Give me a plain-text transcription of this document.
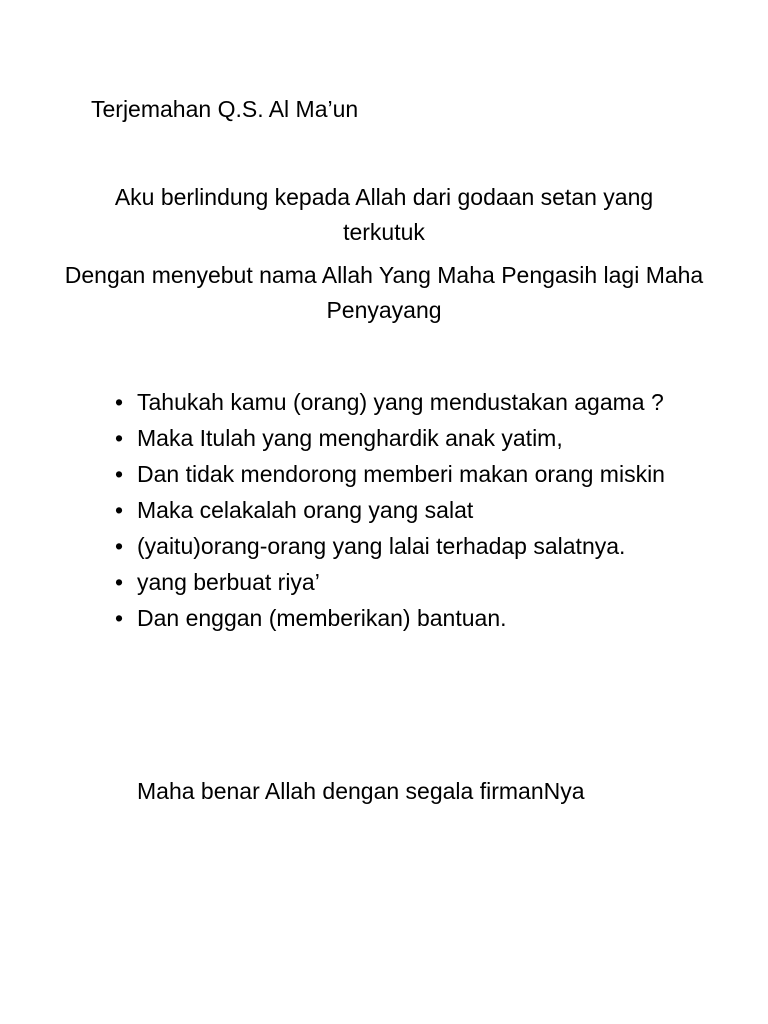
Terjemahan Q.S. Al Ma’un

Aku berlindung kepada Allah dari godaan setan yang terkutuk

Dengan menyebut nama Allah Yang Maha Pengasih lagi Maha Penyayang

• Tahukah kamu (orang) yang mendustakan agama ?
• Maka Itulah yang menghardik anak yatim,
• Dan tidak mendorong memberi makan orang miskin
• Maka celakalah orang yang salat
• (yaitu)orang-orang yang lalai terhadap salatnya.
• yang berbuat riya’
• Dan enggan (memberikan) bantuan.

Maha benar Allah dengan segala firmanNya
